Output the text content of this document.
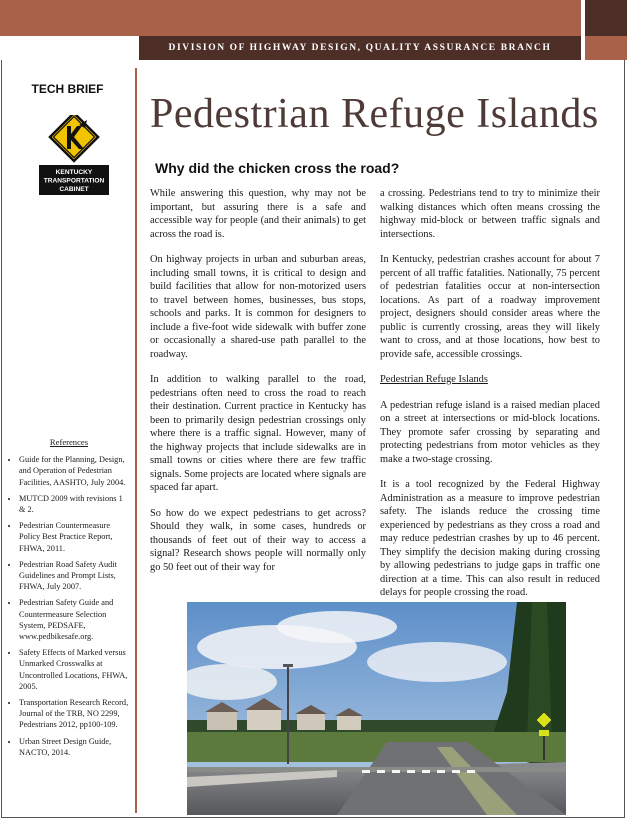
DIVISION OF HIGHWAY DESIGN, QUALITY ASSURANCE BRANCH
TECH BRIEF
KENTUCKY
TRANSPORTATION
CABINET
Pedestrian Refuge Islands
Why did the chicken cross the road?

While answering this question, why may not be important, but assuring there is a safe and accessible way for people (and their animals) to get across the road is.

On highway projects in urban and suburban areas, including small towns, it is critical to design and build facilities that allow for non-motorized users to travel between homes, businesses, bus stops, schools and parks. It is common for designers to include a five-foot wide sidewalk with buffer zone or occasionally a shared-use path parallel to the roadway.

In addition to walking parallel to the road, pedestrians often need to cross the road to reach their destination. Current practice in Kentucky has been to primarily design pedestrian crossings only where there is a traffic signal. However, many of the highway projects that include sidewalks are in small towns or cities where there are few traffic signals. Some projects are located where signals are spaced far apart.

So how do we expect pedestrians to get across? Should they walk, in some cases, hundreds or thousands of feet out of their way to access a signal? Research shows people will normally only go 50 feet out of their way for

a crossing. Pedestrians tend to try to minimize their walking distances which often means crossing the highway mid-block or between traffic signals and intersections.

In Kentucky, pedestrian crashes account for about 7 percent of all traffic fatalities. Nationally, 75 percent of pedestrian fatalities occur at non-intersection locations. As part of a roadway improvement project, designers should consider areas where the public is currently crossing, areas they will likely want to cross, and at those locations, how best to provide safe, accessible crossings.

Pedestrian Refuge Islands

A pedestrian refuge island is a raised median placed on a street at intersections or mid-block locations. They promote safer crossing by separating and protecting pedestrians from motor vehicles as they make a two-stage crossing.

It is a tool recognized by the Federal Highway Administration as a measure to improve pedestrian safety. The islands reduce the crossing time experienced by pedestrians as they cross a road and may reduce pedestrian crashes by up to 46 percent. They simplify the decision making during crossing by allowing pedestrians to judge gaps in traffic one direction at a time. This can also result in reduced delays for people crossing the road.

References
• Guide for the Planning, Design, and Operation of Pedestrian Facilities, AASHTO, July 2004.
• MUTCD 2009 with revisions 1 & 2.
• Pedestrian Countermeasure Policy Best Practice Report, FHWA, 2011.
• Pedestrian Road Safety Audit Guidelines and Prompt Lists, FHWA, July 2007.
• Pedestrian Safety Guide and Countermeasure Selection System, PEDSAFE, www.pedbikesafe.org.
• Safety Effects of Marked versus Unmarked Crosswalks at Uncontrolled Locations, FHWA, 2005.
• Transportation Research Record, Journal of the TRB, NO 2299, Pedestrians 2012, pp100-109.
• Urban Street Design Guide, NACTO, 2014.
